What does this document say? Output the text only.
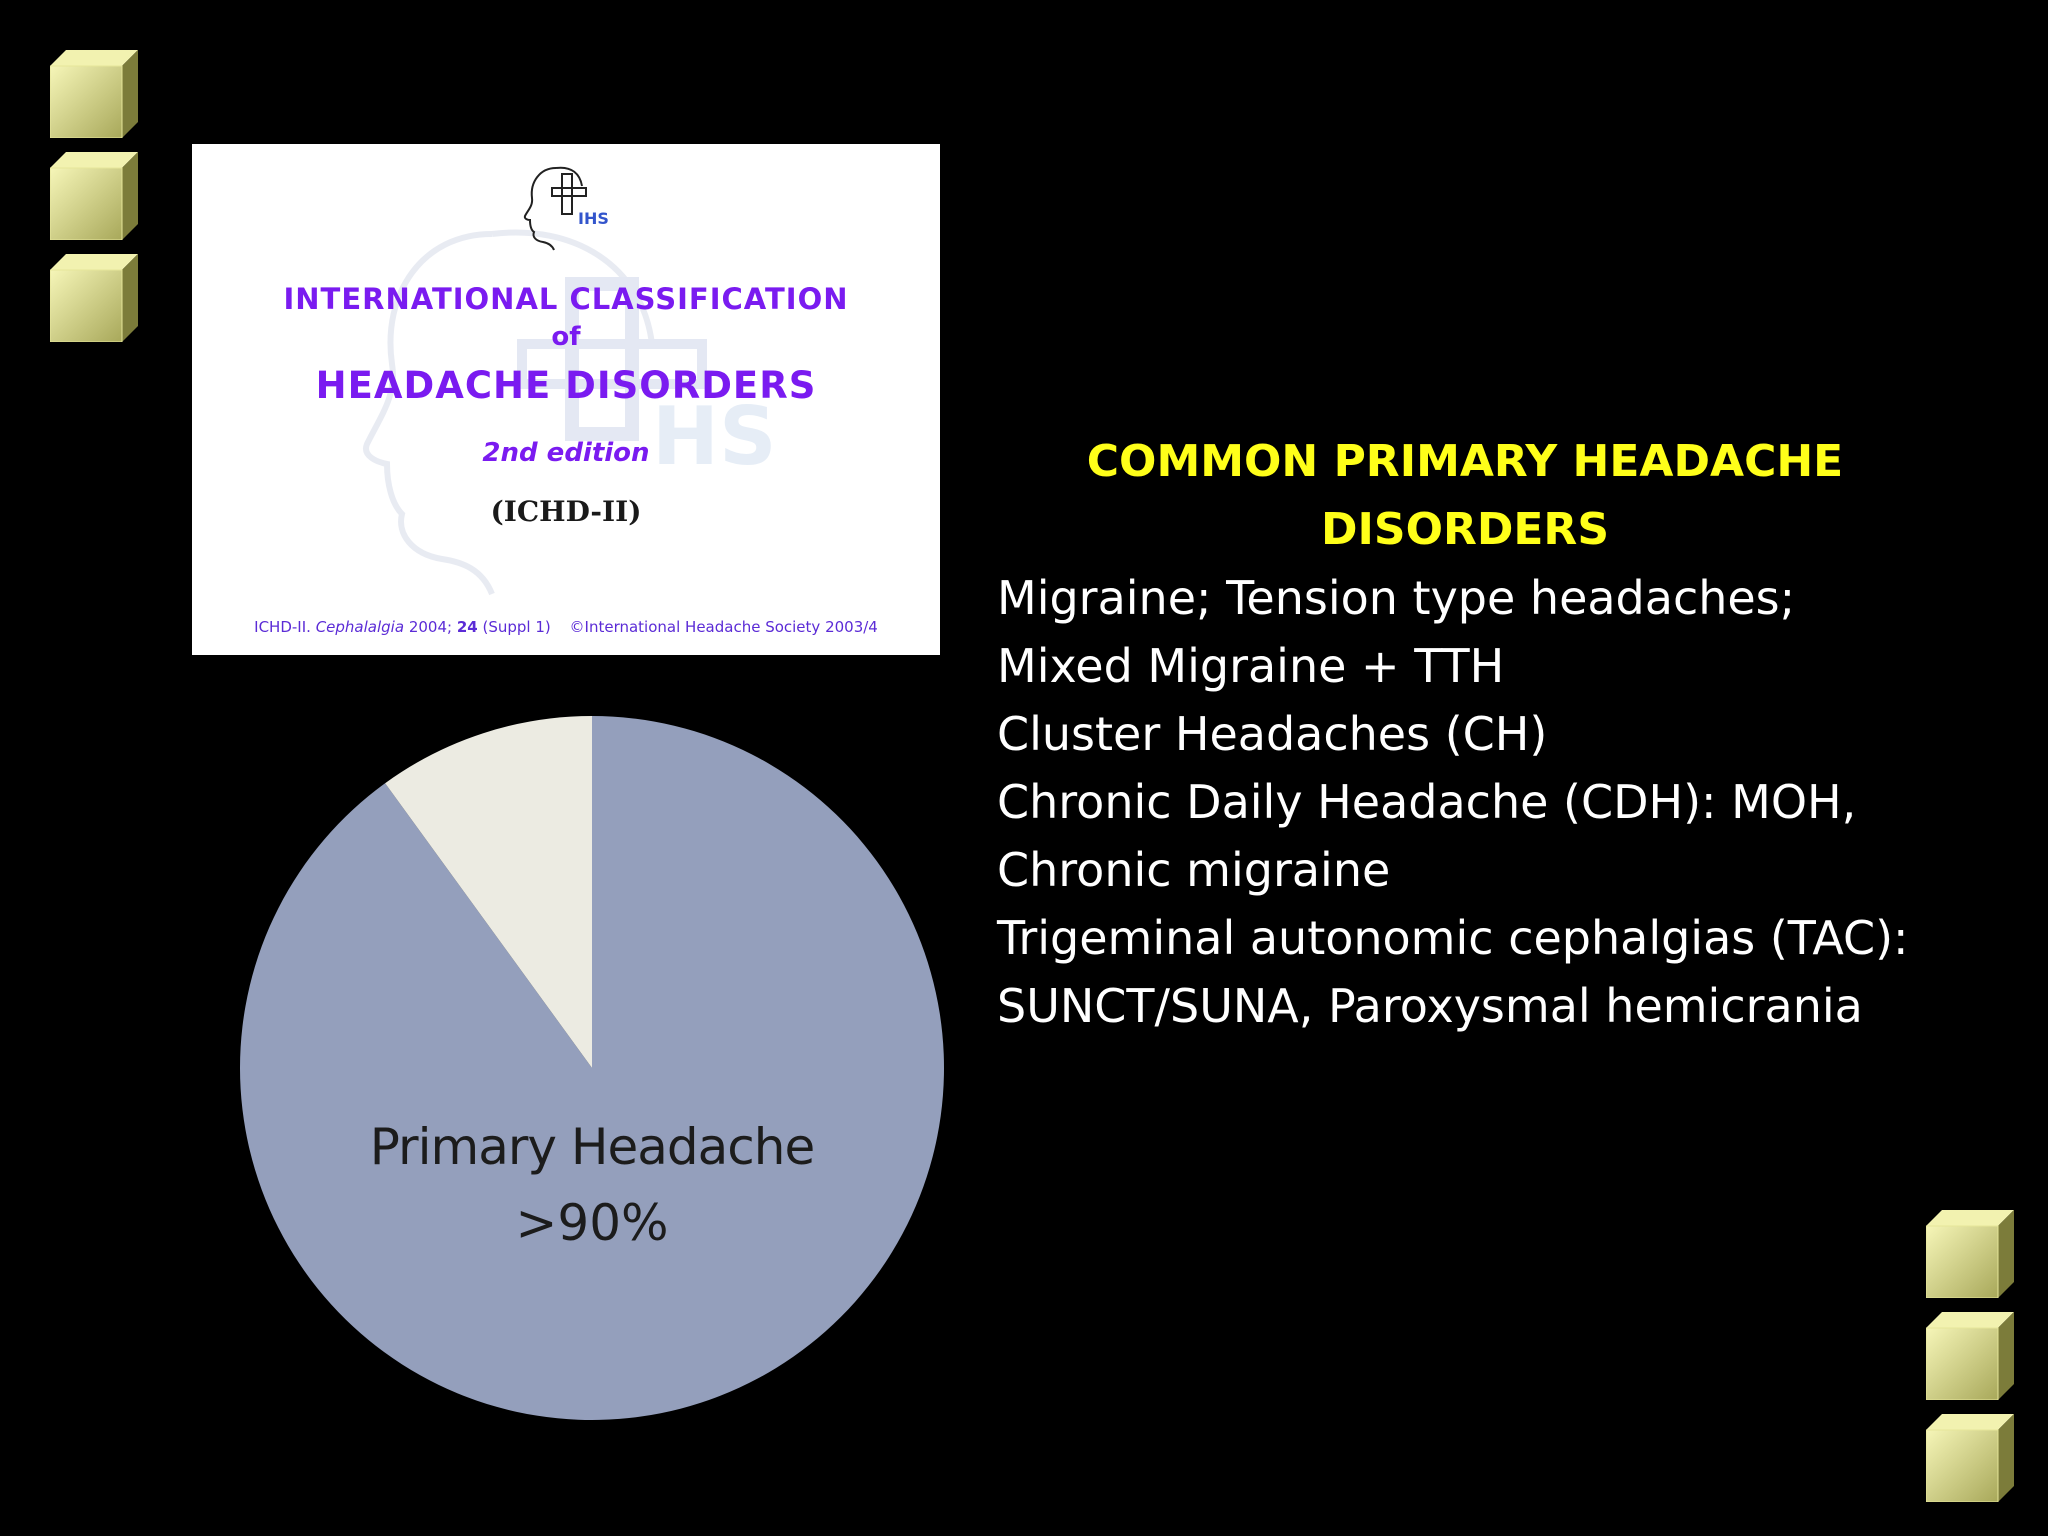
HS
IHS
INTERNATIONAL CLASSIFICATION
of
HEADACHE DISORDERS
2nd edition
(ICHD-II)
ICHD-II. Cephalalgia 2004; 24 (Suppl 1) ©International Headache Society 2003/4
Primary Headache
>90%
COMMON PRIMARY HEADACHE
DISORDERS
Migraine; Tension type headaches;
Mixed Migraine + TTH
Cluster Headaches (CH)
Chronic Daily Headache (CDH): MOH,
Chronic migraine
Trigeminal autonomic cephalgias (TAC):
SUNCT/SUNA, Paroxysmal hemicrania
